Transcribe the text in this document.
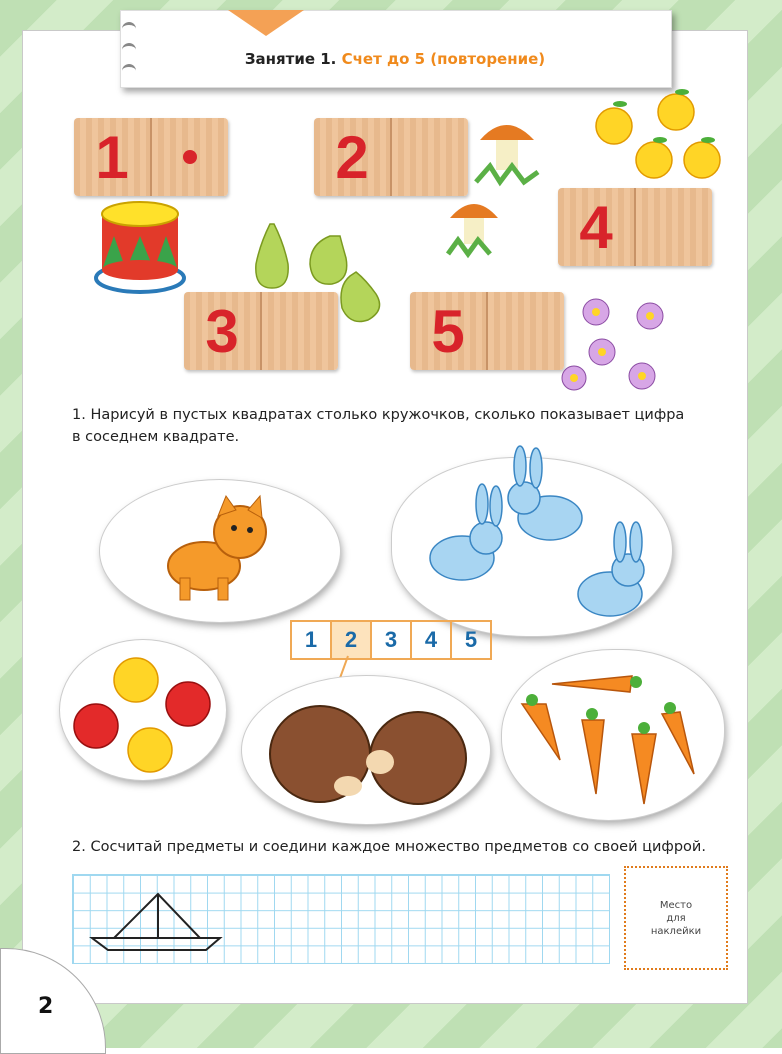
Занятие 1. Счет до 5 (повторение)
1	2
3
4
5
1. Нарисуй в пустых квадратах столько кружочков, сколько показывает цифра
в соседнем квадрате.
1	2	3	4	5
2. Сосчитай предметы и соедини каждое множество предметов со своей цифрой.
Место
для
наклейки
2
